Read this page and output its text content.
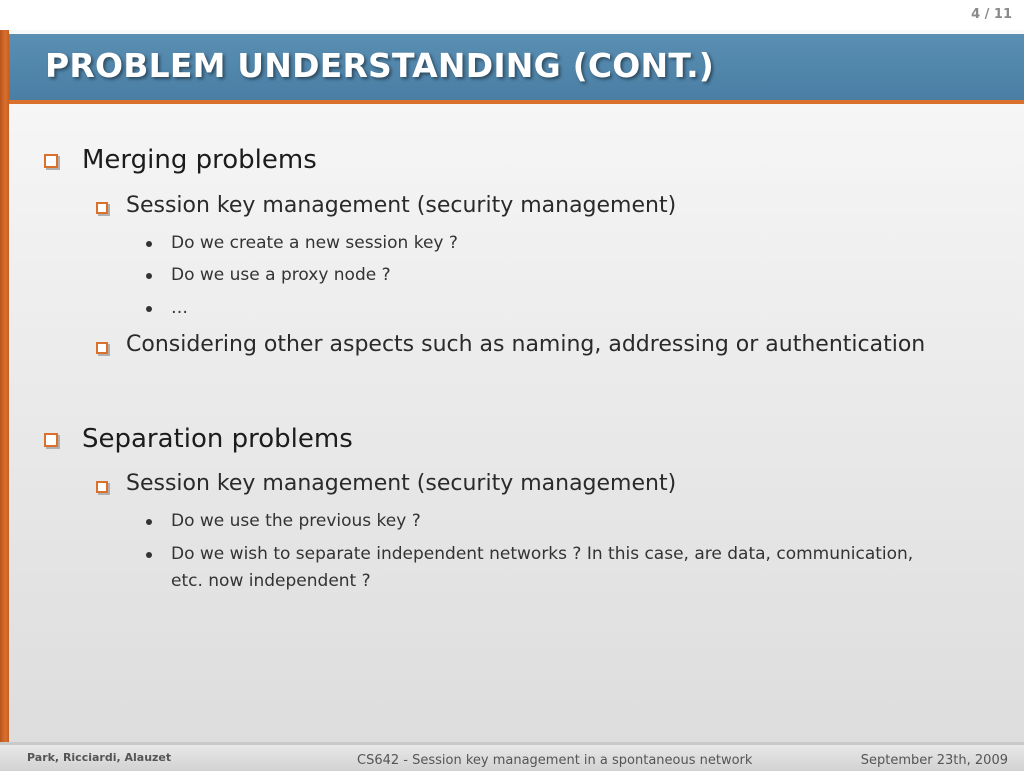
4 / 11
PROBLEM UNDERSTANDING (CONT.)
Merging problems
Session key management (security management)
Do we create a new session key ?
Do we use a proxy node ?
…
Considering other aspects such as naming, addressing or authentication
Separation problems
Session key management (security management)
Do we use the previous key ?
Do we wish to separate independent networks ? In this case, are data, communication,
etc. now independent ?
Park, Ricciardi, Alauzet	CS642 - Session key management in a spontaneous network	September 23th, 2009
